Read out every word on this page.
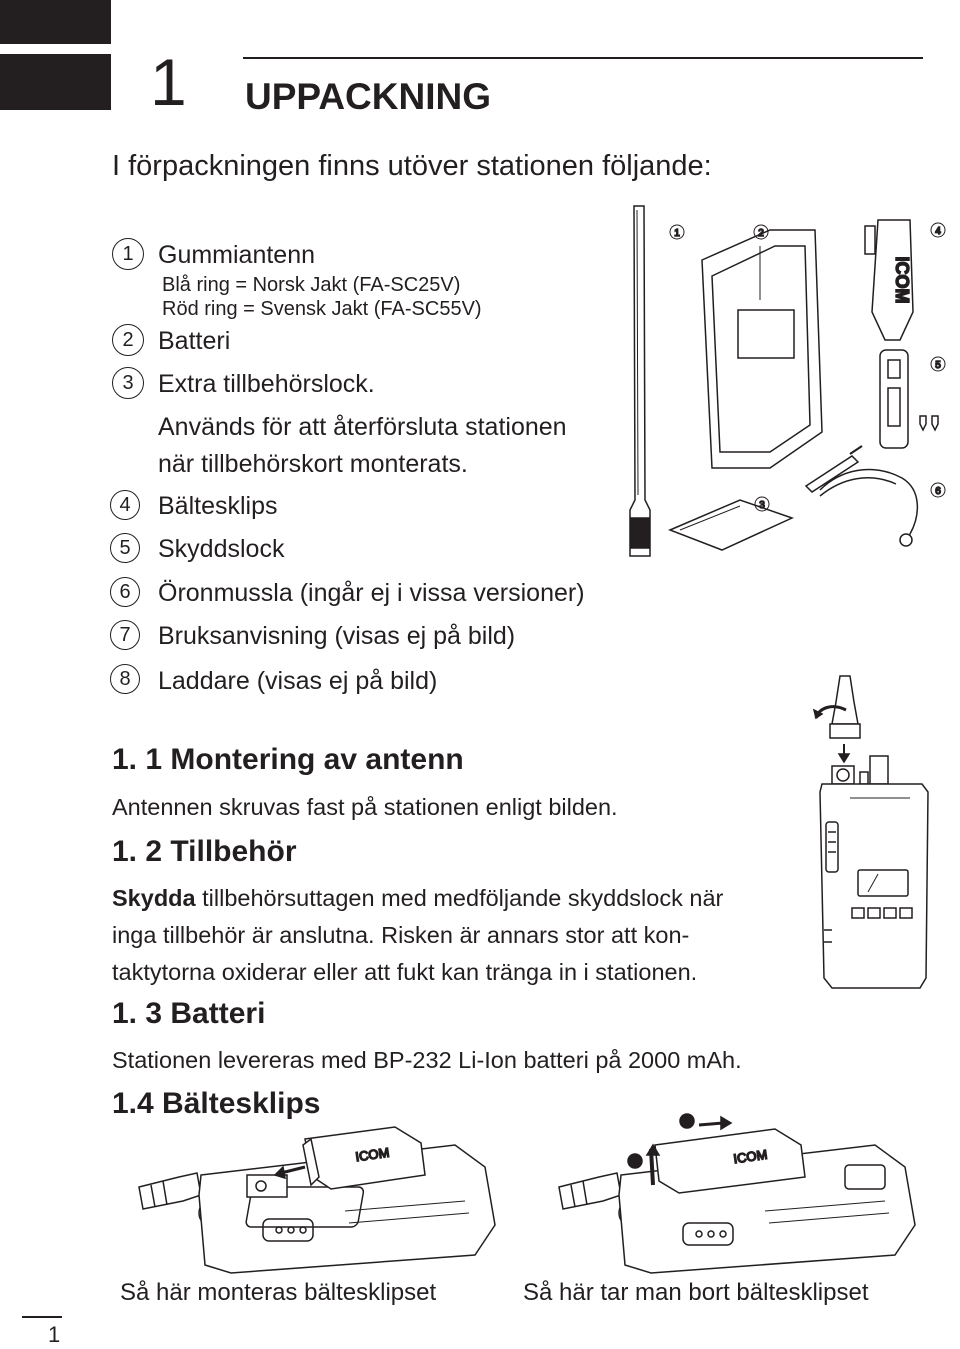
1 UPPACKNING
I förpackningen finns utöver stationen följande:
1 Gummiantenn
Blå ring = Norsk Jakt (FA-SC25V)
Röd ring = Svensk Jakt (FA-SC55V)
2 Batteri
3 Extra tillbehörslock.
Används för att återförsluta stationen
när tillbehörskort monterats.
4	Bältesklips
5	Skyddslock
6	Öronmussla (ingår ej i vissa versioner)
7	Bruksanvisning (visas ej på bild)
8	Laddare (visas ej på bild)
ICOM
1	2
3
4
5
6
1. 1 Montering av antenn
Antennen skruvas fast på stationen enligt bilden.
1. 2 Tillbehör
Skydda tillbehörsuttagen med medföljande skyddslock när
inga tillbehör är anslutna. Risken är annars stor att kon-
taktytorna oxiderar eller att fukt kan tränga in i stationen.
1. 3 Batteri
Stationen levereras med BP-232 Li-Ion batteri på 2000 mAh.
1.4 Bältesklips
ICOM	ICOM
1
2
Så här monteras bältesklipset	Så här tar man bort bältesklipset
1
